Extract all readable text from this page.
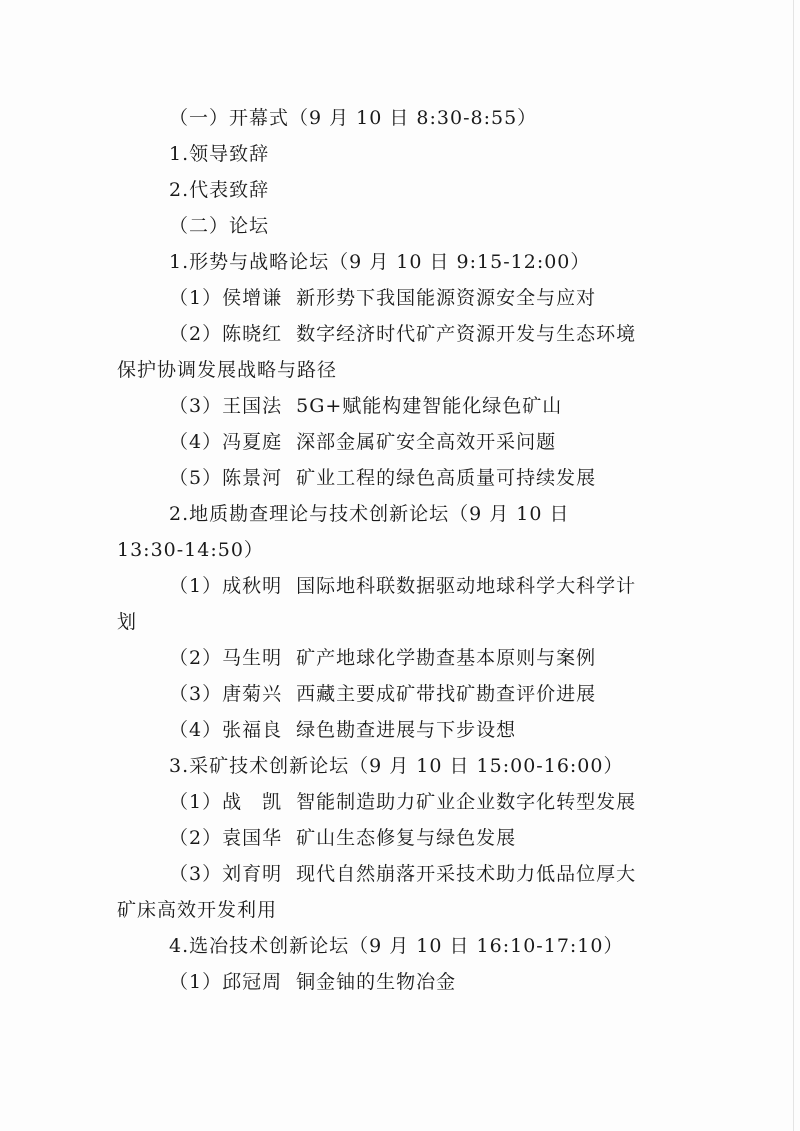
（一）开幕式（9 月 10 日 8:30-8:55）

1.领导致辞

2.代表致辞

（二）论坛

1.形势与战略论坛（9 月 10 日 9:15-12:00）

（1）侯增谦 新形势下我国能源资源安全与应对

（2）陈晓红 数字经济时代矿产资源开发与生态环境

保护协调发展战略与路径

（3）王国法 5G+赋能构建智能化绿色矿山

（4）冯夏庭 深部金属矿安全高效开采问题

（5）陈景河 矿业工程的绿色高质量可持续发展

2.地质勘查理论与技术创新论坛（9 月 10 日

13:30-14:50）

（1）成秋明 国际地科联数据驱动地球科学大科学计

划

（2）马生明 矿产地球化学勘查基本原则与案例

（3）唐菊兴 西藏主要成矿带找矿勘查评价进展

（4）张福良 绿色勘查进展与下步设想

3.采矿技术创新论坛（9 月 10 日 15:00-16:00）

（1）战　凯 智能制造助力矿业企业数字化转型发展

（2）袁国华 矿山生态修复与绿色发展

（3）刘育明 现代自然崩落开采技术助力低品位厚大

矿床高效开发利用

4.选冶技术创新论坛（9 月 10 日 16:10-17:10）

（1）邱冠周 铜金铀的生物冶金
